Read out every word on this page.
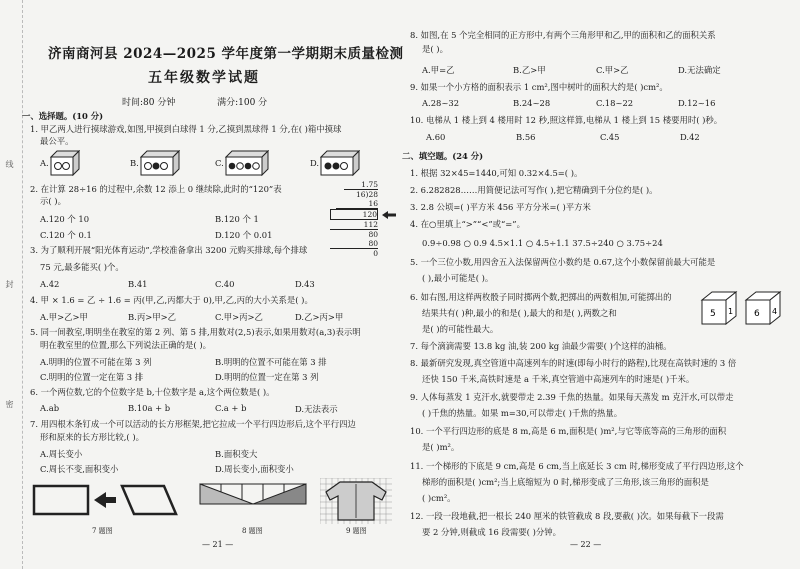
线
封
密
济南商河县 2024—2025 学年度第一学期期末质量检测
五年级数学试题
时间:80 分钟	满分:100 分
一、选择题。(10 分)
1. 甲乙两人进行摸球游戏,如图,甲摸到白球得 1 分,乙摸到黑球得 1 分,在( )箱中摸球
最公平。
A.	B.	C.	D.
2. 在计算 28÷16 的过程中,余数 12 添上 0 继续除,此时的“120”表
示( )。
A.120 个 10	B.120 个 1
C.120 个 0.1	D.120 个 0.01
1.75
16)28
16
120
112
80
80
0
3. 为了顺利开展“阳光体育运动”,学校准备拿出 3200 元购买排球,每个排球
75 元,最多能买( )个。
A.42	B.41	C.40	D.43
4. 甲 × 1.6 = 乙 ÷ 1.6 = 丙(甲,乙,丙都大于 0),甲,乙,丙的大小关系是( )。
A.甲>乙>甲	B.丙>甲>乙	C.甲>丙>乙	D.乙>丙>甲
5. 同一间教室,明明坐在教室的第 2 列、第 5 排,用数对(2,5)表示,如果用数对(a,3)表示明
明在教室里的位置,那么下列说法正确的是( )。
A.明明的位置不可能在第 3 列	B.明明的位置不可能在第 3 排
C.明明的位置一定在第 3 排	D.明明的位置一定在第 3 列
6. 一个两位数,它的个位数字是 b,十位数字是 a,这个两位数是( )。
A.ab	B.10a + b	C.a + b	D.无法表示
7. 用四根木条钉成一个可以活动的长方形框架,把它拉成一个平行四边形后,这个平行四边
形和原来的长方形比较,( )。
A.周长变小	B.面积变大
C.周长不变,面积变小	D.周长变小,面积变小
7 题图	8 题图	9 题图
— 21 —
8. 如图,在 5 个完全相同的正方形中,有两个三角形甲和乙,甲的面积和乙的面积关系
是( )。
A.甲=乙	B.乙>甲	C.甲>乙	D.无法确定
9. 如果一个小方格的面积表示 1 cm²,图中树叶的面积大约是( )cm²。
A.28~32	B.24~28	C.18~22	D.12~16
10. 电梯从 1 楼上到 4 楼用时 12 秒,照这样算,电梯从 1 楼上到 15 楼要用时( )秒。
A.60	B.56	C.45	D.42
二、填空题。(24 分)
1. 根据 32×45=1440,可知 0.32×4.5=( )。
2. 6.282828……用简便记法可写作( ),把它精确到千分位约是( )。
3. 2.8 公顷=( )平方米 456 平方分米=( )平方米
4. 在○里填上“>”“<”或“=”。
0.9÷0.98 ○ 0.9 4.5×1.1 ○ 4.5÷1.1 37.5÷240 ○ 3.75÷24
5. 一个三位小数,用四舍五入法保留两位小数约是 0.67,这个小数保留前最大可能是
( ),最小可能是( )。
6. 如右图,用这样两枚骰子同时掷两个数,把掷出的两数相加,可能掷出的
结果共有( )种,最小的和是( ),最大的和是( ),两数之和
是( )的可能性最大。
5 1 6 4
7. 每个滴滴需要 13.8 kg 油,装 200 kg 油最少需要( )个这样的油桶。
8. 最新研究发现,真空管道中高速列车的时速(即每小时行的路程),比现在高铁时速的 3 倍
还快 150 千米,高铁时速是 a 千米,真空管道中高速列车的时速是( )千米。
9. 人体每蒸发 1 克汗水,就要带走 2.39 千焦的热量。如果每天蒸发 m 克汗水,可以带走
( )千焦的热量。如果 m=30,可以带走( )千焦的热量。
10. 一个平行四边形的底是 8 m,高是 6 m,面积是( )m²,与它等底等高的三角形的面积
是( )m²。
11. 一个梯形的下底是 9 cm,高是 6 cm,当上底延长 3 cm 时,梯形变成了平行四边形,这个
梯形的面积是( )cm²;当上底缩短为 0 时,梯形变成了三角形,该三角形的面积是
( )cm²。
12. 一段一段地截,把一根长 240 厘米的铁管截成 8 段,要截( )次。如果每截下一段需
要 2 分钟,则截成 16 段需要( )分钟。
— 22 —
